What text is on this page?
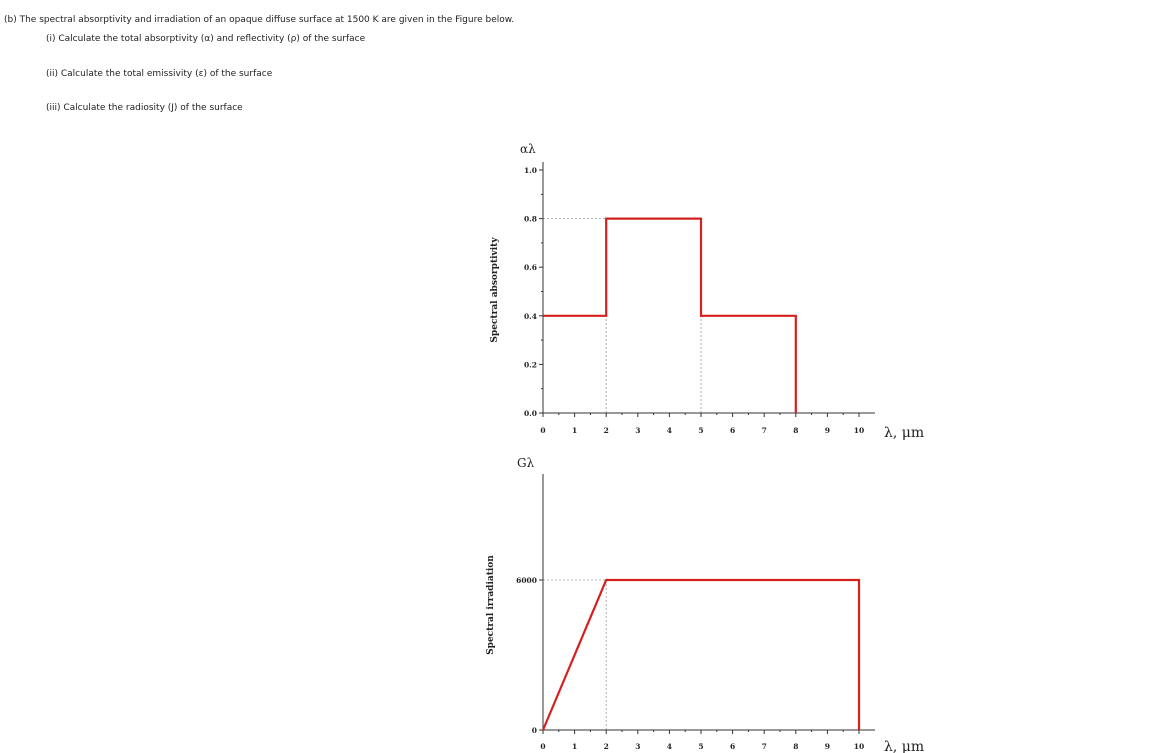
(b) The spectral absorptivity and irradiation of an opaque diffuse surface at 1500 K are given in the Figure below.
(i) Calculate the total absorptivity (α) and reflectivity (ρ) of the surface
(ii) Calculate the total emissivity (ε) of the surface
(iii) Calculate the radiosity (J) of the surface
0	1	2	3	4	5	6	7	8	9	10
0.0
0.2
0.4
0.6
0.8
1.0
αλ
λ, μm
Spectral absorptivity
0	1	2	3	4	5	6	7	8	9	10
0
6000
Gλ
λ, μm
Spectral irradiation
